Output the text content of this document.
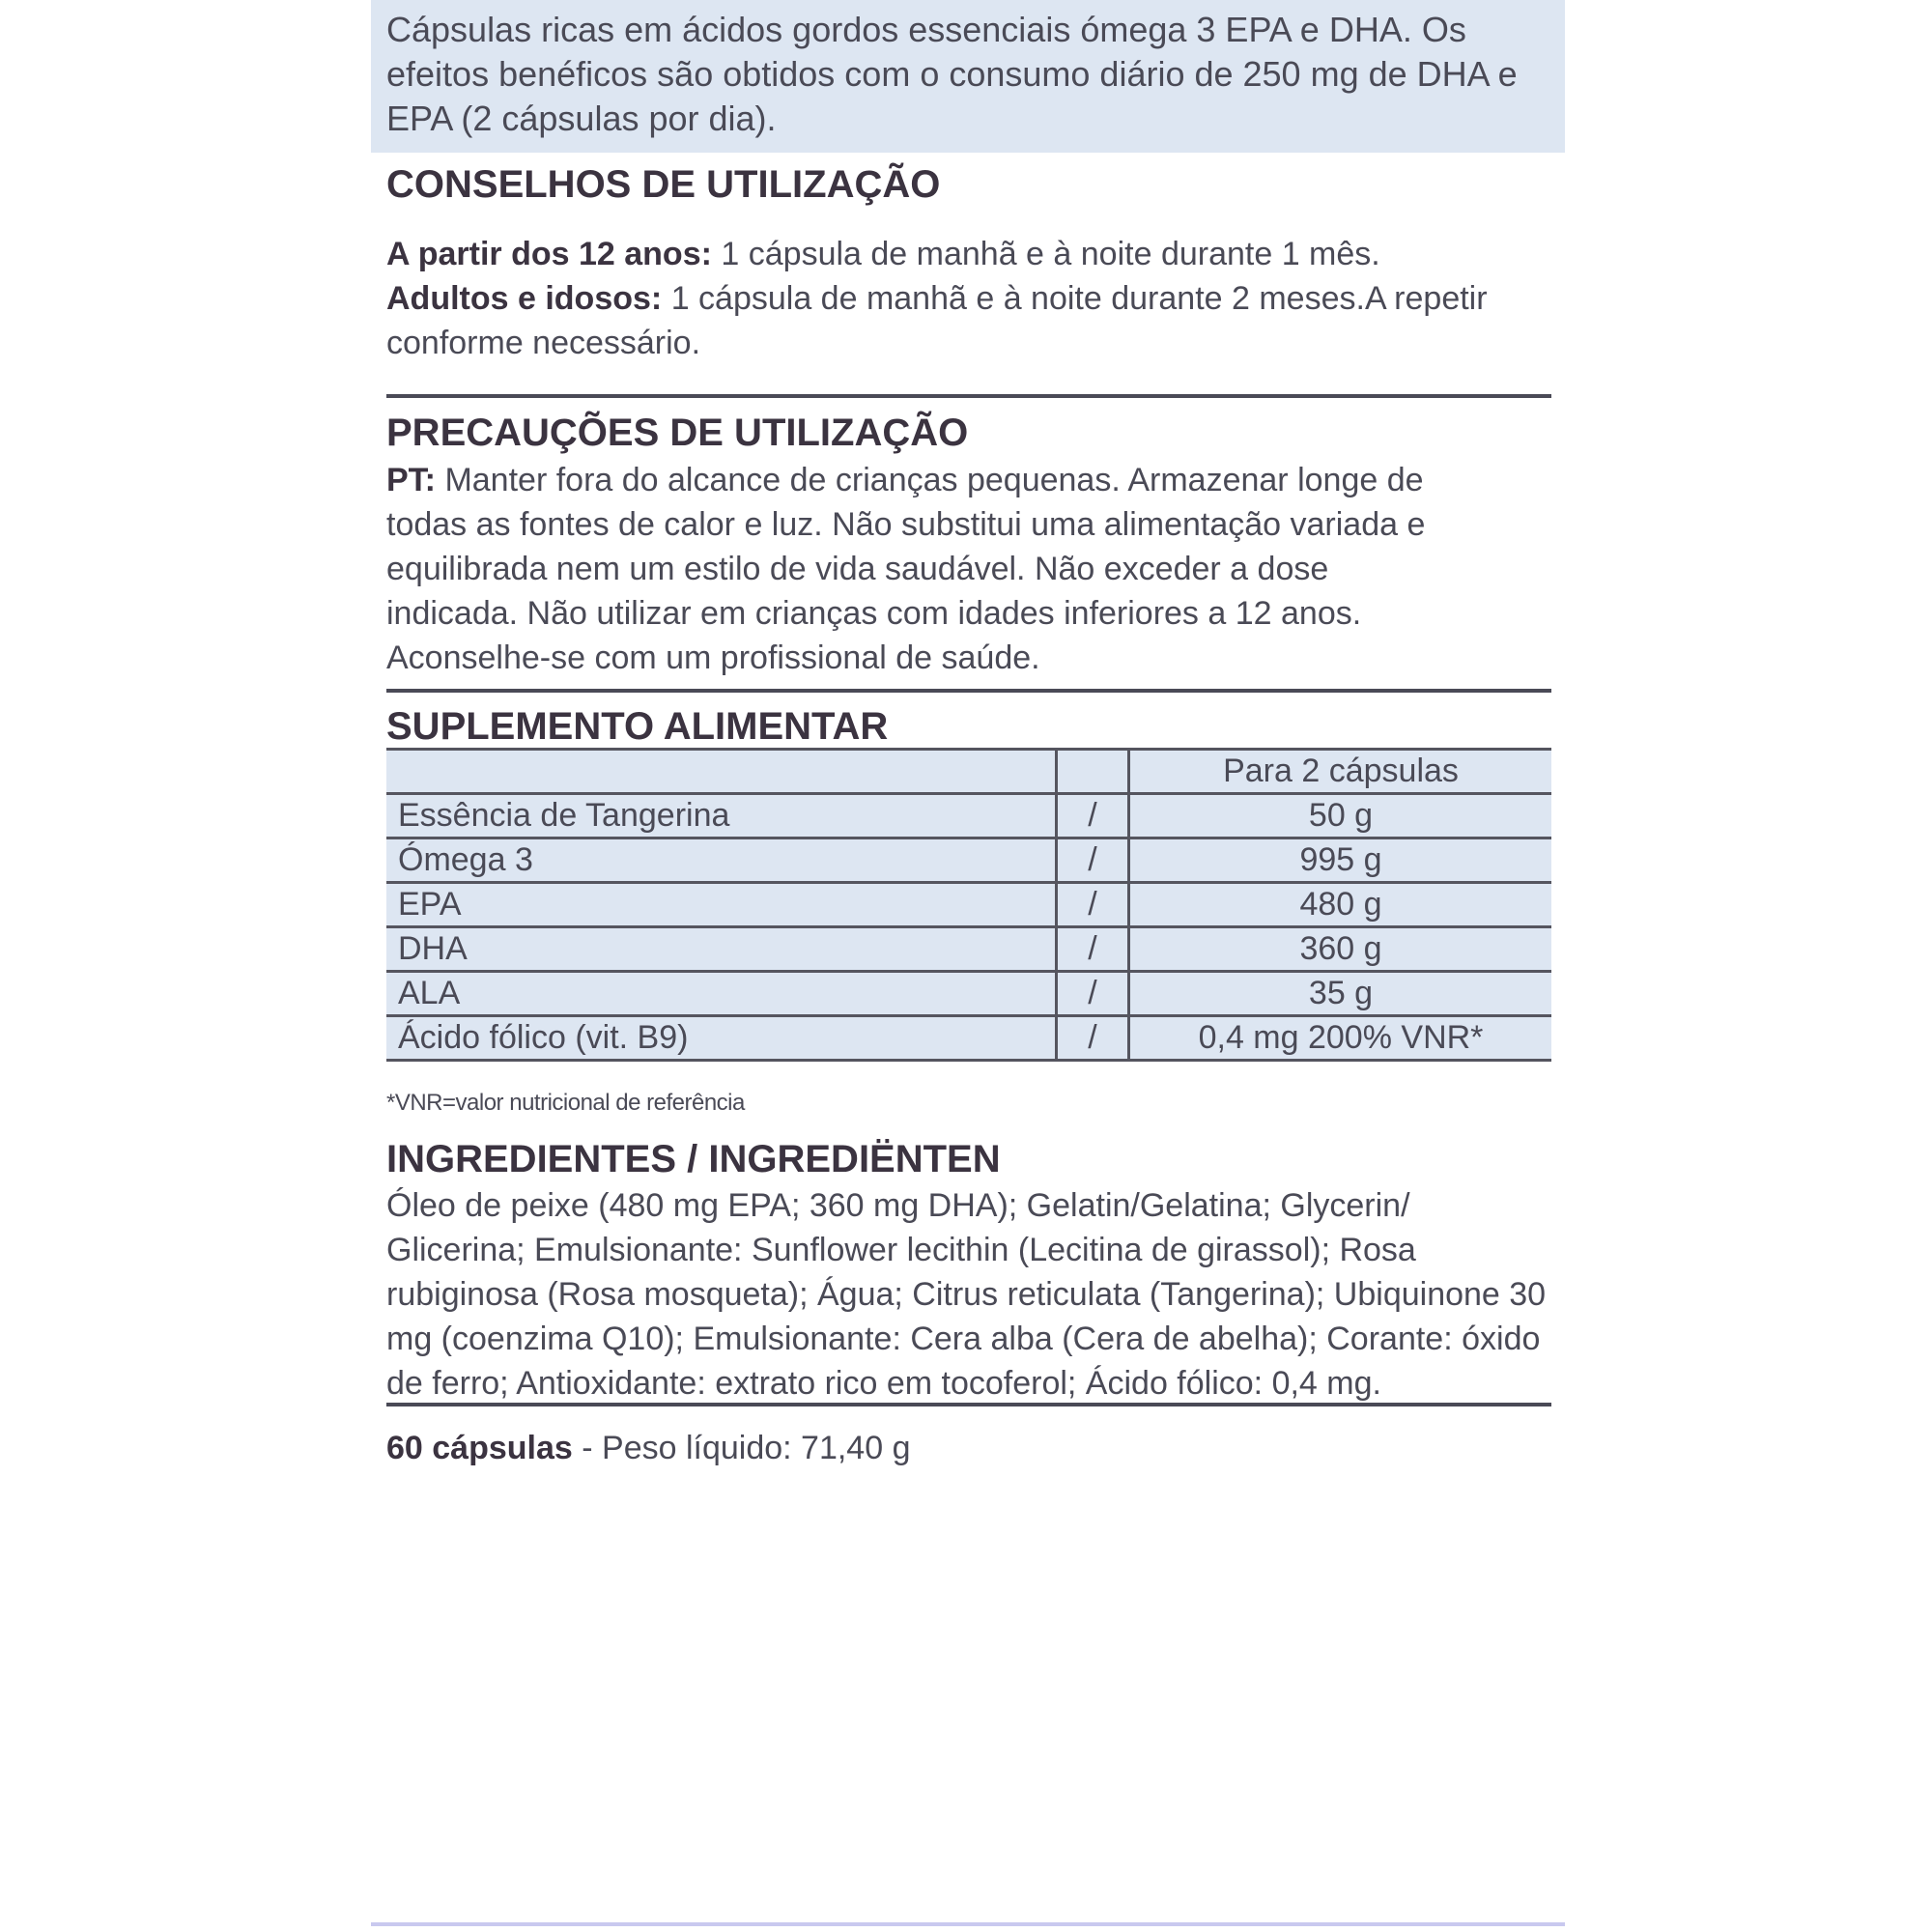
Cápsulas ricas em ácidos gordos essenciais ómega 3 EPA e DHA. Os efeitos benéficos são obtidos com o consumo diário de 250 mg de DHA e EPA (2 cápsulas por dia).
CONSELHOS DE UTILIZAÇÃO
A partir dos 12 anos: 1 cápsula de manhã e à noite durante 1 mês.
Adultos e idosos: 1 cápsula de manhã e à noite durante 2 meses.A repetir conforme necessário.
PRECAUÇÕES DE UTILIZAÇÃO
PT: Manter fora do alcance de crianças pequenas. Armazenar longe de todas as fontes de calor e luz. Não substitui uma alimentação variada e equilibrada nem um estilo de vida saudável. Não exceder a dose indicada. Não utilizar em crianças com idades inferiores a 12 anos. Aconselhe-se com um profissional de saúde.
SUPLEMENTO ALIMENTAR
		Para 2 cápsulas
Essência de Tangerina	/	50 g
Ómega 3	/	995 g
EPA	/	480 g
DHA	/	360 g
ALA	/	35 g
Ácido fólico (vit. B9)	/	0,4 mg 200% VNR*
*VNR=valor nutricional de referência
INGREDIENTES / INGREDIËNTEN
Óleo de peixe (480 mg EPA; 360 mg DHA); Gelatin/Gelatina; Glycerin/ Glicerina; Emulsionante: Sunflower lecithin (Lecitina de girassol); Rosa rubiginosa (Rosa mosqueta); Água; Citrus reticulata (Tangerina); Ubiquinone 30 mg (coenzima Q10); Emulsionante: Cera alba (Cera de abelha); Corante: óxido de ferro; Antioxidante: extrato rico em tocoferol; Ácido fólico: 0,4 mg.
60 cápsulas - Peso líquido: 71,40 g
